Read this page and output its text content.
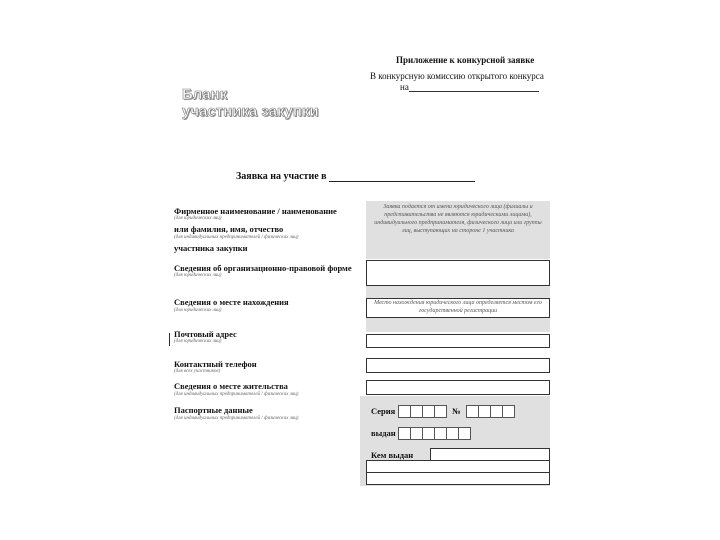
Приложение к конкурсной заявке
В конкурсную комиссию открытого конкурса
на
Бланк
участника закупки
Заявка на участие в
Фирменное наименование / наименование
(для юридических лиц)
или фамилия, имя, отчество
(для индивидуальных предпринимателей / физических лиц)
участника закупки
Заявка подается от имени юридического лица (филиалы и представительства не являются юридическими лицами), индивидуального предпринимателя, физического лица или группы лиц, выступающих на стороне 1 участника
Сведения об организационно-правовой форме
(для юридических лиц)
Сведения о месте нахождения
(для юридических лиц)
Место нахождения юридического лица определяется местом его государственной регистрации
Почтовый адрес
(для юридических лиц)
Контактный телефон
(для всех участников)
Сведения о месте жительства
(для индивидуальных предпринимателей / физических лиц)
Паспортные данные
(для индивидуальных предпринимателей / физических лиц)
Серия	№
выдан
Кем выдан
